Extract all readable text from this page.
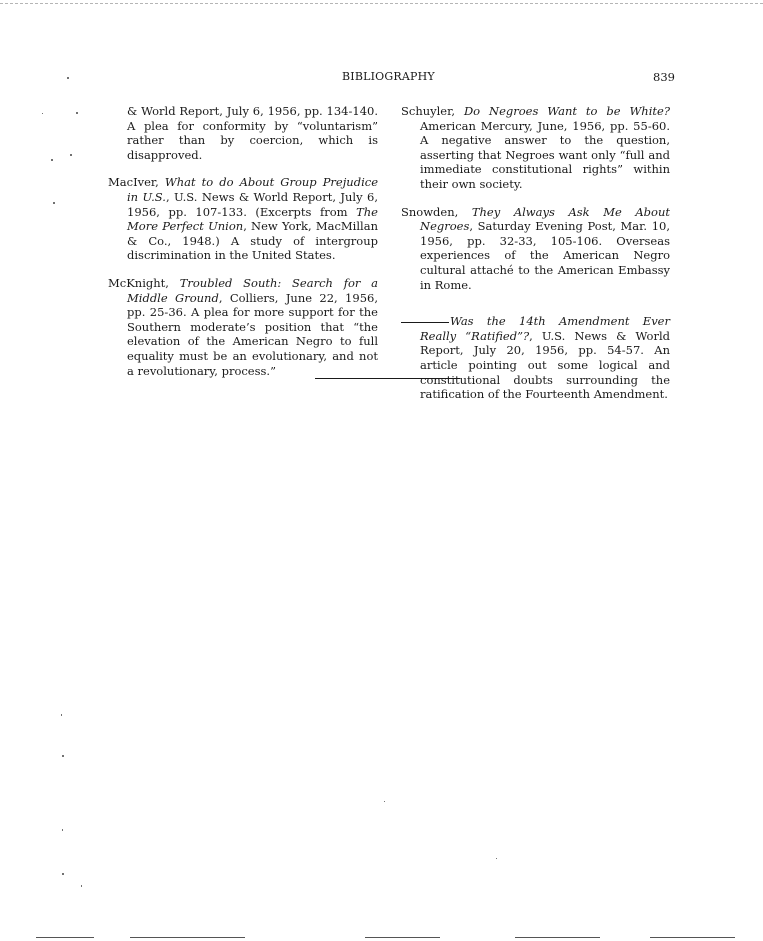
BIBLIOGRAPHY	839

& World Report, July 6, 1956, pp. 134-140. A plea for conformity by “voluntarism” rather than by coercion, which is disapproved.

MacIver, What to do About Group Prejudice in U.S., U.S. News & World Report, July 6, 1956, pp. 107-133. (Excerpts from The More Perfect Union, New York, MacMillan & Co., 1948.) A study of intergroup discrimination in the United States.

McKnight, Troubled South: Search for a Middle Ground, Colliers, June 22, 1956, pp. 25-36. A plea for more support for the Southern moderate’s position that “the elevation of the American Negro to full equality must be an evolutionary, and not a revolutionary, process.”

Schuyler, Do Negroes Want to be White? American Mercury, June, 1956, pp. 55-60. A negative answer to the question, asserting that Negroes want only “full and immediate constitutional rights” within their own society.

Snowden, They Always Ask Me About Negroes, Saturday Evening Post, Mar. 10, 1956, pp. 32-33, 105-106. Overseas experiences of the American Negro cultural attaché to the American Embassy in Rome.

Was the 14th Amendment Ever Really “Ratified”?, U.S. News & World Report, July 20, 1956, pp. 54-57. An article pointing out some logical and constitutional doubts surrounding the ratification of the Fourteenth Amendment.
